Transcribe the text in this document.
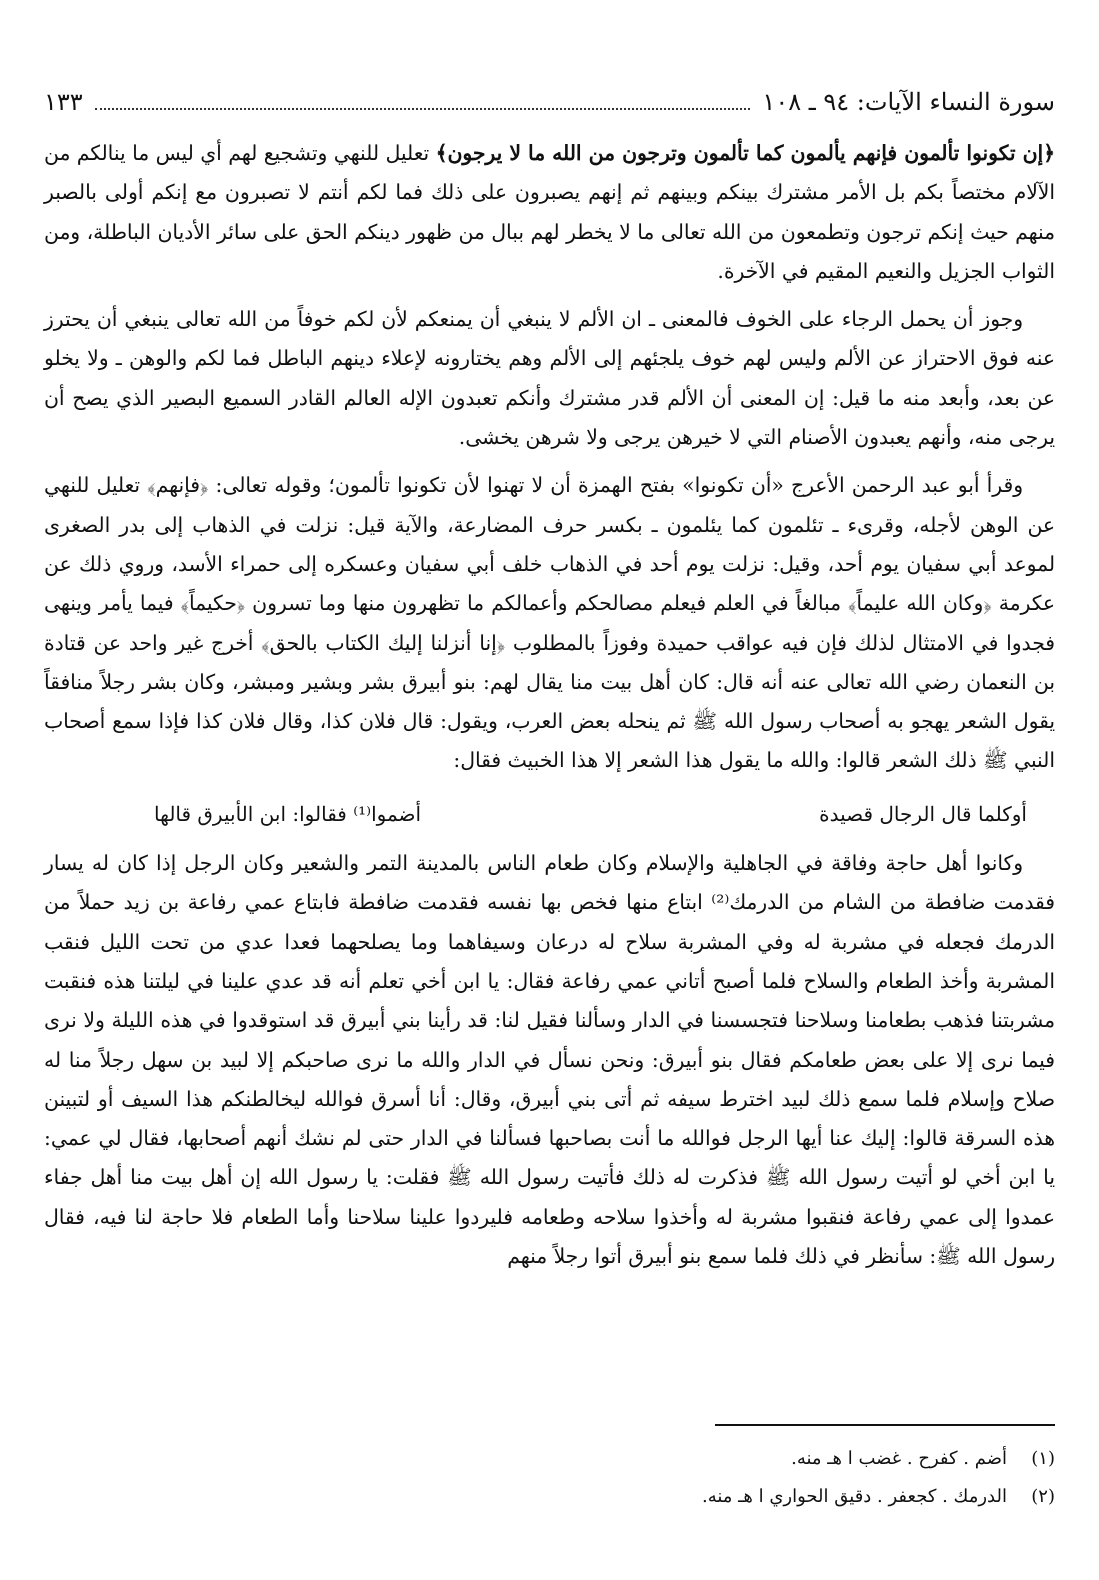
سورة النساء الآيات: ٩٤ ـ ١٠٨
١٣٣

﴿إن تكونوا تألمون فإنهم يألمون كما تألمون وترجون من الله ما لا يرجون﴾ تعليل للنهي وتشجيع لهم أي ليس ما ينالكم من الآلام مختصاً بكم بل الأمر مشترك بينكم وبينهم ثم إنهم يصبرون على ذلك فما لكم أنتم لا تصبرون مع إنكم أولى بالصبر منهم حيث إنكم ترجون وتطمعون من الله تعالى ما لا يخطر لهم ببال من ظهور دينكم الحق على سائر الأديان الباطلة، ومن الثواب الجزيل والنعيم المقيم في الآخرة.

وجوز أن يحمل الرجاء على الخوف فالمعنى ـ ان الألم لا ينبغي أن يمنعكم لأن لكم خوفاً من الله تعالى ينبغي أن يحترز عنه فوق الاحتراز عن الألم وليس لهم خوف يلجئهم إلى الألم وهم يختارونه لإعلاء دينهم الباطل فما لكم والوهن ـ ولا يخلو عن بعد، وأبعد منه ما قيل: إن المعنى أن الألم قدر مشترك وأنكم تعبدون الإله العالم القادر السميع البصير الذي يصح أن يرجى منه، وأنهم يعبدون الأصنام التي لا خيرهن يرجى ولا شرهن يخشى.

وقرأ أبو عبد الرحمن الأعرج «أن تكونوا» بفتح الهمزة أن لا تهنوا لأن تكونوا تألمون؛ وقوله تعالى: ﴿فإنهم﴾ تعليل للنهي عن الوهن لأجله، وقرىء ـ تئلمون كما يئلمون ـ بكسر حرف المضارعة، والآية قيل: نزلت في الذهاب إلى بدر الصغرى لموعد أبي سفيان يوم أحد، وقيل: نزلت يوم أحد في الذهاب خلف أبي سفيان وعسكره إلى حمراء الأسد، وروي ذلك عن عكرمة ﴿وكان الله عليماً﴾ مبالغاً في العلم فيعلم مصالحكم وأعمالكم ما تظهرون منها وما تسرون ﴿حكيماً﴾ فيما يأمر وينهى فجدوا في الامتثال لذلك فإن فيه عواقب حميدة وفوزاً بالمطلوب ﴿إنا أنزلنا إليك الكتاب بالحق﴾ أخرج غير واحد عن قتادة بن النعمان رضي الله تعالى عنه أنه قال: كان أهل بيت منا يقال لهم: بنو أبيرق بشر وبشير ومبشر، وكان بشر رجلاً منافقاً يقول الشعر يهجو به أصحاب رسول الله ﷺ ثم ينحله بعض العرب، ويقول: قال فلان كذا، وقال فلان كذا فإذا سمع أصحاب النبي ﷺ ذلك الشعر قالوا: والله ما يقول هذا الشعر إلا هذا الخبيث فقال:

أوكلما قال الرجال قصيدة
أضموا⁽¹⁾ فقالوا: ابن الأبيرق قالها

وكانوا أهل حاجة وفاقة في الجاهلية والإسلام وكان طعام الناس بالمدينة التمر والشعير وكان الرجل إذا كان له يسار فقدمت ضافطة من الشام من الدرمك⁽²⁾ ابتاع منها فخص بها نفسه فقدمت ضافطة فابتاع عمي رفاعة بن زيد حملاً من الدرمك فجعله في مشربة له وفي المشربة سلاح له درعان وسيفاهما وما يصلحهما فعدا عدي من تحت الليل فنقب المشربة وأخذ الطعام والسلاح فلما أصبح أتاني عمي رفاعة فقال: يا ابن أخي تعلم أنه قد عدي علينا في ليلتنا هذه فنقبت مشربتنا فذهب بطعامنا وسلاحنا فتجسسنا في الدار وسألنا فقيل لنا: قد رأينا بني أبيرق قد استوقدوا في هذه الليلة ولا نرى فيما نرى إلا على بعض طعامكم فقال بنو أبيرق: ونحن نسأل في الدار والله ما نرى صاحبكم إلا لبيد بن سهل رجلاً منا له صلاح وإسلام فلما سمع ذلك لبيد اخترط سيفه ثم أتى بني أبيرق، وقال: أنا أسرق فوالله ليخالطنكم هذا السيف أو لتبينن هذه السرقة قالوا: إليك عنا أيها الرجل فوالله ما أنت بصاحبها فسألنا في الدار حتى لم نشك أنهم أصحابها، فقال لي عمي: يا ابن أخي لو أتيت رسول الله ﷺ فذكرت له ذلك فأتيت رسول الله ﷺ فقلت: يا رسول الله إن أهل بيت منا أهل جفاء عمدوا إلى عمي رفاعة فنقبوا مشربة له وأخذوا سلاحه وطعامه فليردوا علينا سلاحنا وأما الطعام فلا حاجة لنا فيه، فقال رسول الله ﷺ: سأنظر في ذلك فلما سمع بنو أبيرق أتوا رجلاً منهم

(١)
أضم . كفرح . غضب ا هـ منه.
(٢)
الدرمك . كجعفر . دقيق الحواري ا هـ منه.
